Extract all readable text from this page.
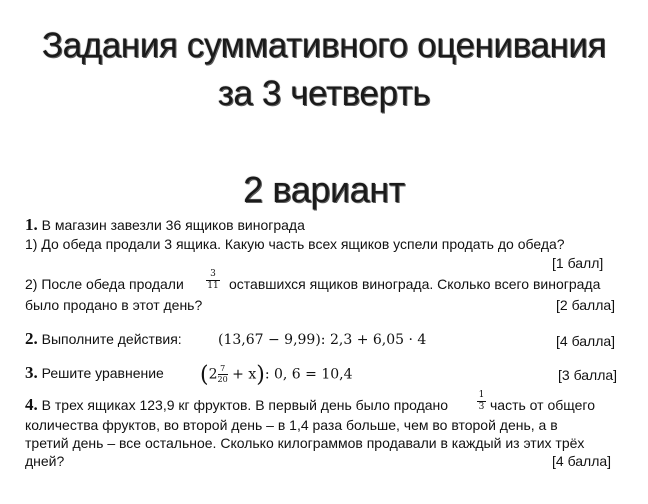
Задания суммативного оценивания
за 3 четверть
2 вариант
1. В магазин завезли 36 ящиков винограда
1) До обеда продали 3 ящика. Какую часть всех ящиков успели продать до обеда?
[1 балл]
2) После обеда продали
3
11 оставшихся ящиков винограда. Сколько всего винограда
было продано в этот день?	[2 балла]
2. Выполните действия:	(13,67 − 9,99): 2,3 + 6,05 · 4	[4 балла]
3. Решите уравнение $(2 \frac{7}{20} + x)$: 0, 6 = 10,4	[3 балла]
4. В трех ящиках 123,9 кг фруктов. В первый день было продано
1
3 часть от общего
количества фруктов, во второй день – в 1,4 раза больше, чем во второй день, а в
третий день – все остальное. Сколько килограммов продавали в каждый из этих трёх
дней?	[4 балла]
